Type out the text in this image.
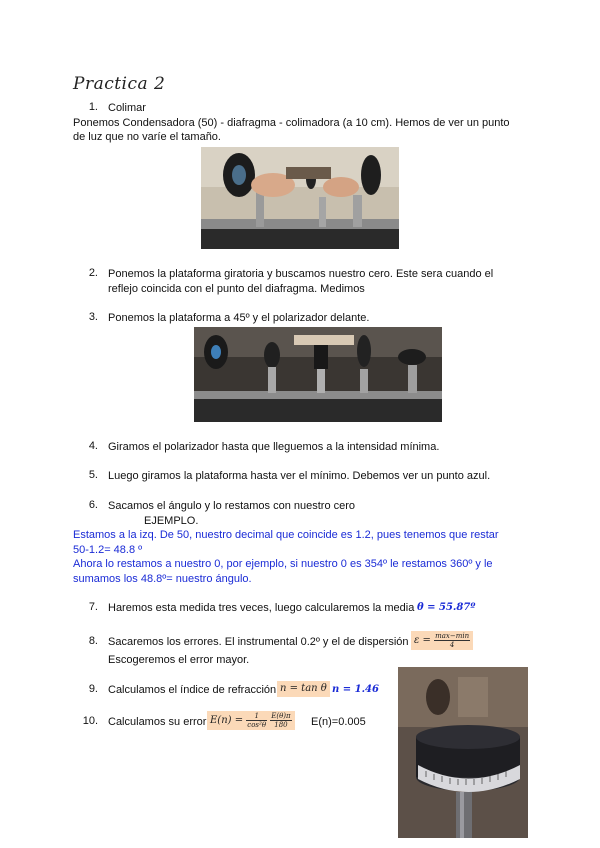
Practica 2
1. Colimar
Ponemos Condensadora (50) - diafragma - colimadora (a 10 cm). Hemos de ver un punto
de luz que no varíe el tamaño.
2. Ponemos la plataforma giratoria y buscamos nuestro cero. Este sera cuando el
reflejo coincida con el punto del diafragma. Medimos
3. Ponemos la plataforma a 45º y el polarizador delante.
4. Giramos el polarizador hasta que lleguemos a la intensidad mínima.
5. Luego giramos la plataforma hasta ver el mínimo. Debemos ver un punto azul.
6. Sacamos el ángulo y lo restamos con nuestro cero
EJEMPLO.
Estamos a la izq. De 50, nuestro decimal que coincide es 1.2, pues tenemos que restar
50-1.2= 48.8 º
Ahora lo restamos a nuestro 0, por ejemplo, si nuestro 0 es 354º le restamos 360º y le
sumamos los 48.8º= nuestro ángulo.
7. Haremos esta medida tres veces, luego calcularemos la media θ = 55.87º
8. Sacaremos los errores. El instrumental 0.2º y el de dispersión $\varepsilon = \frac{\max-\min}{4}$
Escogeremos el error mayor.
9. Calculamos el índice de refracción n = tan θ n = 1.46
10. Calculamos su error $E(n) = \frac{1}{\text{cos²θ}}$
$\frac{E(\theta)\pi}{180} E(n)=0.005$
